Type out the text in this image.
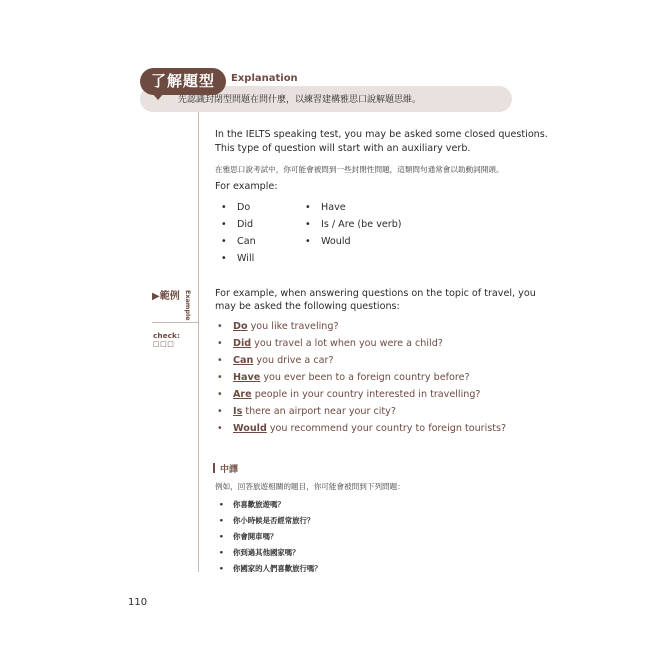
先認識封閉型問題在問什麼，以練習建構雅思口說解題思維。
了解題型	Explanation
In the IELTS speaking test, you may be asked some closed questions.
This type of question will start with an auxiliary verb.
在雅思口說考試中，你可能會被問到一些封閉性問題，這類問句通常會以助動詞開頭。
For example:
• Do
• Did
• Can
• Will
• Have
• Is / Are (be verb)
• Would
▶範例 Example
check:
□□□
For example, when answering questions on the topic of travel, you
may be asked the following questions:
• Do you like traveling?
• Did you travel a lot when you were a child?
• Can you drive a car?
• Have you ever been to a foreign country before?
• Are people in your country interested in travelling?
• Is there an airport near your city?
• Would you recommend your country to foreign tourists?
中譯
例如，回答旅遊相關的題目，你可能會被問到下列問題：
• 你喜歡旅遊嗎？
• 你小時候是否經常旅行？
• 你會開車嗎？
• 你到過其他國家嗎？
• 你國家的人們喜歡旅行嗎？
110
